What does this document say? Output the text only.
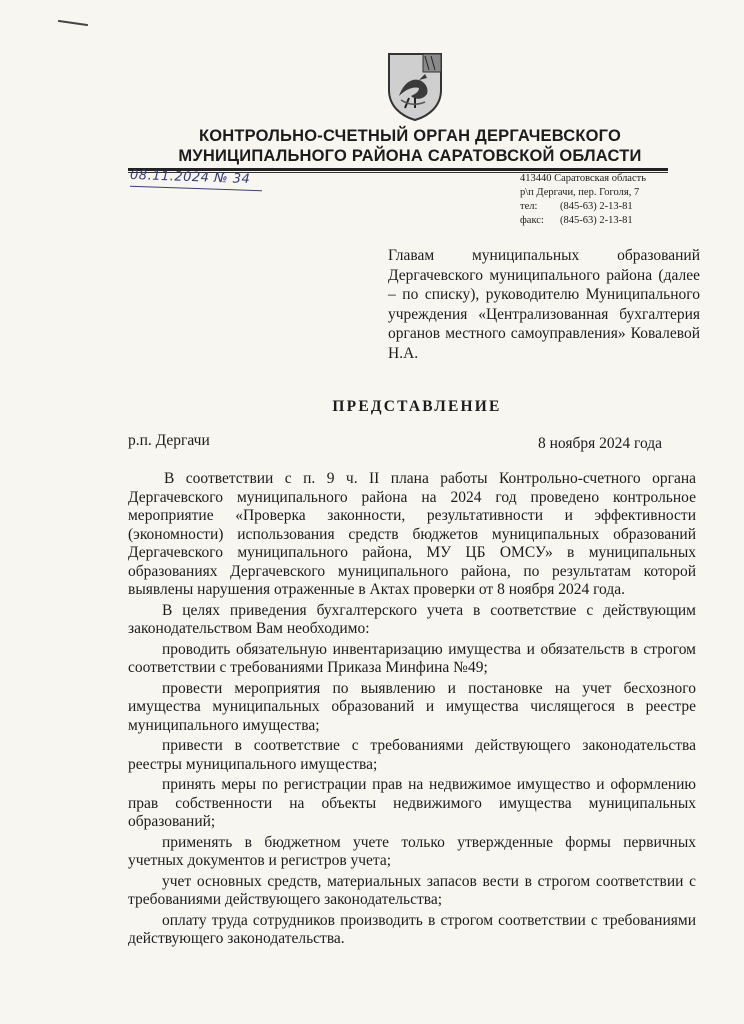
КОНТРОЛЬНО-СЧЕТНЫЙ ОРГАН ДЕРГАЧЕВСКОГО
МУНИЦИПАЛЬНОГО РАЙОНА САРАТОВСКОЙ ОБЛАСТИ
08.11.2024 № 34	413440 Саратовская область
р\п Дергачи, пер. Гоголя, 7
тел: (845-63) 2-13-81
факс: (845-63) 2-13-81
Главам муниципальных образований Дергачевского муниципального района (далее – по списку), руководителю Муниципального учреждения «Централизованная бухгалтерия органов местного самоуправления» Ковалевой Н.А.
ПРЕДСТАВЛЕНИЕ
р.п. Дергачи	8 ноября 2024 года

В соответствии с п. 9 ч. II плана работы Контрольно-счетного органа Дергачевского муниципального района на 2024 год проведено контрольное мероприятие «Проверка законности, результативности и эффективности (экономности) использования средств бюджетов муниципальных образований Дергачевского муниципального района, МУ ЦБ ОМСУ» в муниципальных образованиях Дергачевского муниципального района, по результатам которой выявлены нарушения отраженные в Актах проверки от 8 ноября 2024 года.

В целях приведения бухгалтерского учета в соответствие с действующим законодательством Вам необходимо:

проводить обязательную инвентаризацию имущества и обязательств в строгом соответствии с требованиями Приказа Минфина №49;

провести мероприятия по выявлению и постановке на учет бесхозного имущества муниципальных образований и имущества числящегося в реестре муниципального имущества;

привести в соответствие с требованиями действующего законодательства реестры муниципального имущества;

принять меры по регистрации прав на недвижимое имущество и оформлению прав собственности на объекты недвижимого имущества муниципальных образований;

применять в бюджетном учете только утвержденные формы первичных учетных документов и регистров учета;

учет основных средств, материальных запасов вести в строгом соответствии с требованиями действующего законодательства;

оплату труда сотрудников производить в строгом соответствии с требованиями действующего законодательства.
